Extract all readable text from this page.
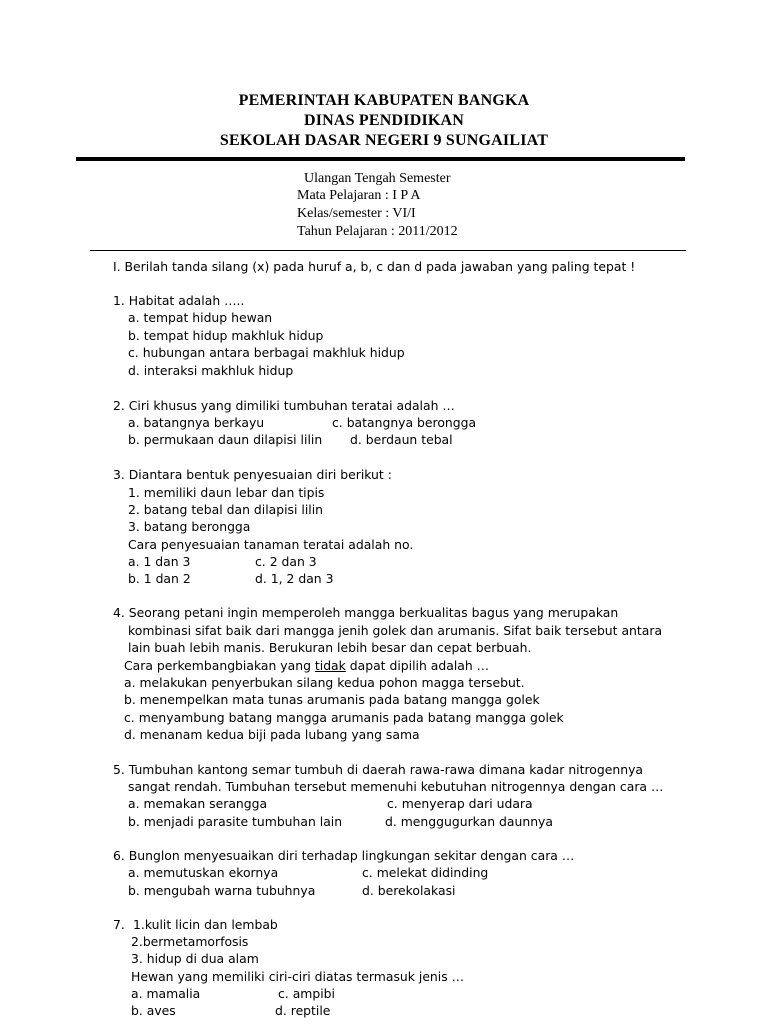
PEMERINTAH KABUPATEN BANGKA
DINAS PENDIDIKAN
SEKOLAH DASAR NEGERI 9 SUNGAILIAT
Ulangan Tengah Semester
Mata Pelajaran : I P A
Kelas/semester : VI/I
Tahun Pelajaran : 2011/2012
I. Berilah tanda silang (x) pada huruf a, b, c dan d pada jawaban yang paling tepat !
1. Habitat adalah …..
a. tempat hidup hewan
b. tempat hidup makhluk hidup
c. hubungan antara berbagai makhluk hidup
d. interaksi makhluk hidup
2. Ciri khusus yang dimiliki tumbuhan teratai adalah …
a. batangnya berkayu	c. batangnya berongga
b. permukaan daun dilapisi lilin d. berdaun tebal
3. Diantara bentuk penyesuaian diri berikut :
1. memiliki daun lebar dan tipis
2. batang tebal dan dilapisi lilin
3. batang berongga
Cara penyesuaian tanaman teratai adalah no.
a. 1 dan 3	c. 2 dan 3
b. 1 dan 2	d. 1, 2 dan 3
4. Seorang petani ingin memperoleh mangga berkualitas bagus yang merupakan
kombinasi sifat baik dari mangga jenih golek dan arumanis. Sifat baik tersebut antara
lain buah lebih manis. Berukuran lebih besar dan cepat berbuah.
Cara perkembangbiakan yang tidak dapat dipilih adalah …
a. melakukan penyerbukan silang kedua pohon magga tersebut.
b. menempelkan mata tunas arumanis pada batang mangga golek
c. menyambung batang mangga arumanis pada batang mangga golek
d. menanam kedua biji pada lubang yang sama
5. Tumbuhan kantong semar tumbuh di daerah rawa-rawa dimana kadar nitrogennya
sangat rendah. Tumbuhan tersebut memenuhi kebutuhan nitrogennya dengan cara …
a. memakan serangga	c. menyerap dari udara
b. menjadi parasite tumbuhan lain	d. menggugurkan daunnya
6. Bunglon menyesuaikan diri terhadap lingkungan sekitar dengan cara …
a. memutuskan ekornya	c. melekat didinding
b. mengubah warna tubuhnya	d. berekolakasi
7. 1.kulit licin dan lembab
2.bermetamorfosis
3. hidup di dua alam
Hewan yang memiliki ciri-ciri diatas termasuk jenis …
a. mamalia	c. ampibi
b. aves	d. reptile
